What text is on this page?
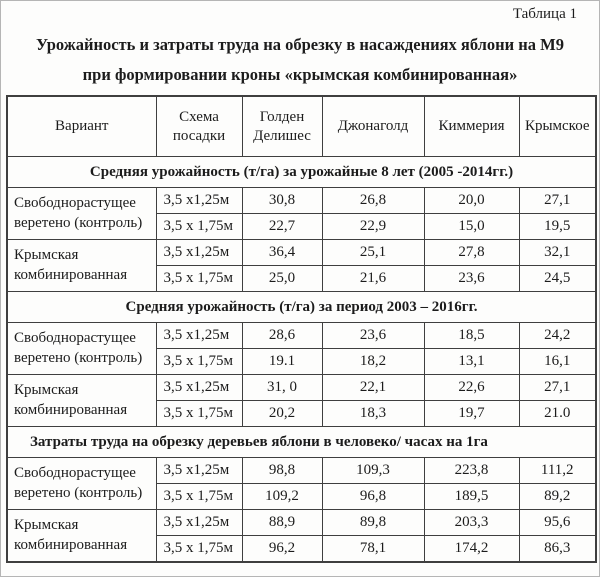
Таблица 1
Урожайность и затраты труда на обрезку в насаждениях яблони на М9
при формировании кроны «крымская комбинированная»
Вариант	Схема посадки	Голден Делишес	Джонаголд	Киммерия	Крымское
Средняя урожайность (т/га) за урожайные 8 лет (2005 -2014гг.)					
Свободнорастущее веретено (контроль)	3,5 х1,25м	30,8	26,8	20,0	27,1
	3,5 х 1,75м	22,7	22,9	15,0	19,5
Крымская комбинированная	3,5 х1,25м	36,4	25,1	27,8	32,1
	3,5 х 1,75м	25,0	21,6	23,6	24,5
Средняя урожайность (т/га) за период 2003 – 2016гг.					
Свободнорастущее веретено (контроль)	3,5 х1,25м	28,6	23,6	18,5	24,2
	3,5 х 1,75м	19.1	18,2	13,1	16,1
Крымская комбинированная	3,5 х1,25м	31, 0	22,1	22,6	27,1
	3,5 х 1,75м	20,2	18,3	19,7	21.0
Затраты труда на обрезку деревьев яблони в человеко/ часах на 1га					
Свободнорастущее веретено (контроль)	3,5 х1,25м	98,8	109,3	223,8	111,2
	3,5 х 1,75м	109,2	96,8	189,5	89,2
Крымская комбинированная	3,5 х1,25м	88,9	89,8	203,3	95,6
	3,5 х 1,75м	96,2	78,1	174,2	86,3
